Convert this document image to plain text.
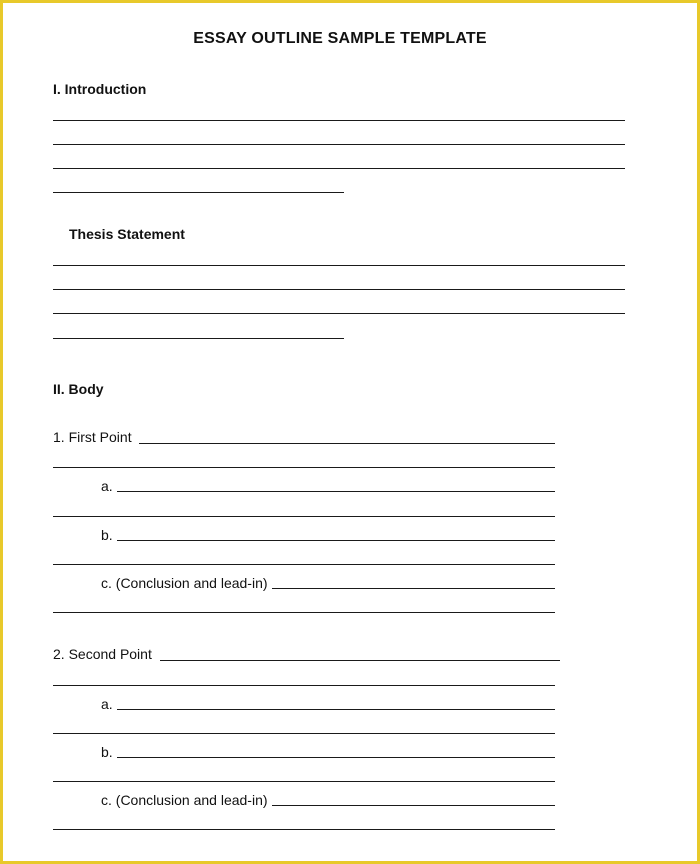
ESSAY OUTLINE SAMPLE TEMPLATE
I. Introduction
Thesis Statement
II. Body
1. First Point
a.
b.
c. (Conclusion and lead-in)
2. Second Point
a.
b.
c. (Conclusion and lead-in)
